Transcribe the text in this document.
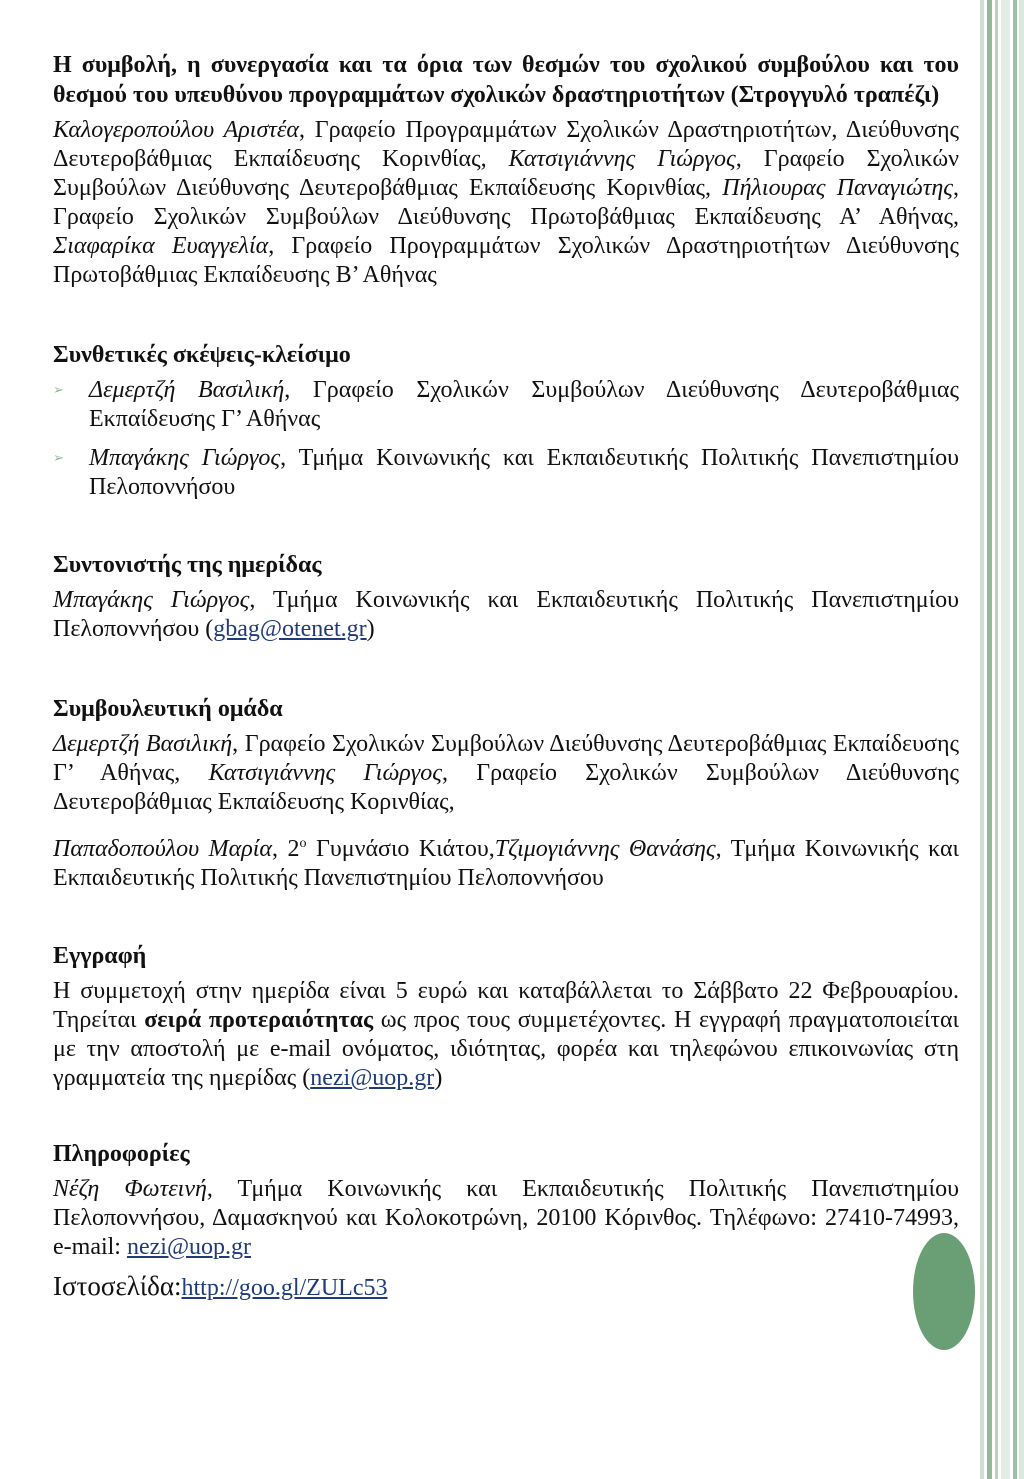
Η συμβολή, η συνεργασία και τα όρια των θεσμών του σχολικού συμβούλου και του θεσμού του υπευθύνου προγραμμάτων σχολικών δραστηριοτήτων (Στρογγυλό τραπέζι)

Καλογεροπούλου Αριστέα, Γραφείο Προγραμμάτων Σχολικών Δραστηριοτήτων, Διεύθυνσης Δευτεροβάθμιας Εκπαίδευσης Κορινθίας, Κατσιγιάννης Γιώργος, Γραφείο Σχολικών Συμβούλων Διεύθυνσης Δευτεροβάθμιας Εκπαίδευσης Κορινθίας, Πήλιουρας Παναγιώτης, Γραφείο Σχολικών Συμβούλων Διεύθυνσης Πρωτοβάθμιας Εκπαίδευσης Α’ Αθήνας, Σιαφαρίκα Ευαγγελία, Γραφείο Προγραμμάτων Σχολικών Δραστηριοτήτων Διεύθυνσης Πρωτοβάθμιας Εκπαίδευσης Β’ Αθήνας

Συνθετικές σκέψεις-κλείσιμο
➢ Δεμερτζή Βασιλική, Γραφείο Σχολικών Συμβούλων Διεύθυνσης Δευτεροβάθμιας Εκπαίδευσης Γ’ Αθήνας

➢ Μπαγάκης Γιώργος, Τμήμα Κοινωνικής και Εκπαιδευτικής Πολιτικής Πανεπιστημίου Πελοποννήσου

Συντονιστής της ημερίδας

Μπαγάκης Γιώργος, Τμήμα Κοινωνικής και Εκπαιδευτικής Πολιτικής Πανεπιστημίου Πελοποννήσου (gbag@otenet.gr)

Συμβουλευτική ομάδα

Δεμερτζή Βασιλική, Γραφείο Σχολικών Συμβούλων Διεύθυνσης Δευτεροβάθμιας Εκπαίδευσης Γ’ Αθήνας, Κατσιγιάννης Γιώργος, Γραφείο Σχολικών Συμβούλων Διεύθυνσης Δευτεροβάθμιας Εκπαίδευσης Κορινθίας,

Παπαδοπούλου Μαρία, $2^o$ Γυμνάσιο Κιάτου,Τζιμογιάννης Θανάσης, Τμήμα Κοινωνικής και Εκπαιδευτικής Πολιτικής Πανεπιστημίου Πελοποννήσου

Εγγραφή

Η συμμετοχή στην ημερίδα είναι 5 ευρώ και καταβάλλεται το Σάββατο 22 Φεβρουαρίου. Τηρείται σειρά προτεραιότητας ως προς τους συμμετέχοντες. Η εγγραφή πραγματοποιείται με την αποστολή με e-mail ονόματος, ιδιότητας, φορέα και τηλεφώνου επικοινωνίας στη γραμματεία της ημερίδας (nezi@uop.gr)

Πληροφορίες

Νέζη Φωτεινή, Τμήμα Κοινωνικής και Εκπαιδευτικής Πολιτικής Πανεπιστημίου Πελοποννήσου, Δαμασκηνού και Κολοκοτρώνη, 20100 Κόρινθος. Τηλέφωνο: 27410-74993, e-mail: nezi@uop.gr

Ιστοσελίδα:http://goo.gl/ZULc53
